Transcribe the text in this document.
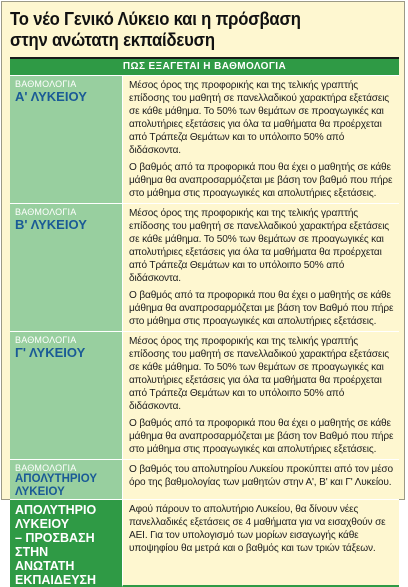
Το νέο Γενικό Λύκειο και η πρόσβαση
στην ανώτατη εκπαίδευση
ΠΩΣ ΕΞΑΓΕΤΑΙ Η ΒΑΘΜΟΛΟΓΙΑ
ΒΑΘΜΟΛΟΓΙΑ
Α' ΛΥΚΕΙΟΥ

Μέσος όρος της προφορικής και της τελικής γραπτής επίδοσης του μαθητή σε πανελλαδικού χαρακτήρα εξετάσεις σε κάθε μάθημα. Το 50% των θεμάτων σε προαγωγικές και απολυτήριες εξετάσεις για όλα τα μαθήματα θα προέρχεται από Τράπεζα Θεμάτων και το υπόλοιπο 50% από διδάσκοντα.

Ο βαθμός από τα προφορικά που θα έχει ο μαθητής σε κάθε μάθημα θα αναπροσαρμόζεται με βάση τον βαθμό που πήρε στο μάθημα στις προαγωγικές και απολυτήριες εξετάσεις.

ΒΑΘΜΟΛΟΓΙΑ
Β' ΛΥΚΕΙΟΥ

Μέσος όρος της προφορικής και της τελικής γραπτής επίδοσης του μαθητή σε πανελλαδικού χαρακτήρα εξετάσεις σε κάθε μάθημα. Το 50% των θεμάτων σε προαγωγικές και απολυτήριες εξετάσεις για όλα τα μαθήματα θα προέρχεται από Τράπεζα Θεμάτων και το υπόλοιπο 50% από διδάσκοντα.

Ο βαθμός από τα προφορικά που θα έχει ο μαθητής σε κάθε μάθημα θα αναπροσαρμόζεται με βάση τον Βαθμό που πήρε στο μάθημα στις προαγωγικές και απολυτήριες εξετάσεις.

ΒΑΘΜΟΛΟΓΙΑ
Γ' ΛΥΚΕΙΟΥ

Μέσος όρος της προφορικής και της τελικής γραπτής επίδοσης του μαθητή σε πανελλαδικού χαρακτήρα εξετάσεις σε κάθε μάθημα. Το 50% των θεμάτων σε προαγωγικές και απολυτήριες εξετάσεις για όλα τα μαθήματα θα προέρχεται από Τράπεζα Θεμάτων και το υπόλοιπο 50% από διδάσκοντα.

Ο βαθμός από τα προφορικά που θα έχει ο μαθητής σε κάθε μάθημα θα αναπροσαρμόζεται με βάση τον Βαθμό που πήρε στο μάθημα στις προαγωγικές και απολυτήριες εξετάσεις.

ΒΑΘΜΟΛΟΓΙΑ
ΑΠΟΛΥΤΗΡΙΟΥ ΛΥΚΕΙΟΥ

Ο βαθμός του απολυτηρίου Λυκείου προκύπτει από τον μέσο όρο της βαθμολογίας των μαθητών στην Α', Β' και Γ' Λυκείου.

ΑΠΟΛΥΤΗΡΙΟ ΛΥΚΕΙΟΥ
– ΠΡΟΣΒΑΣΗ ΣΤΗΝ
ΑΝΩΤΑΤΗ ΕΚΠΑΙΔΕΥΣΗ

Αφού πάρουν το απολυτήριο Λυκείου, θα δίνουν νέες πανελλαδικές εξετάσεις σε 4 μαθήματα για να εισαχθούν σε ΑΕΙ. Για τον υπολογισμό των μορίων εισαγωγής κάθε υποψηφίου θα μετρά και ο βαθμός και των τριών τάξεων.
